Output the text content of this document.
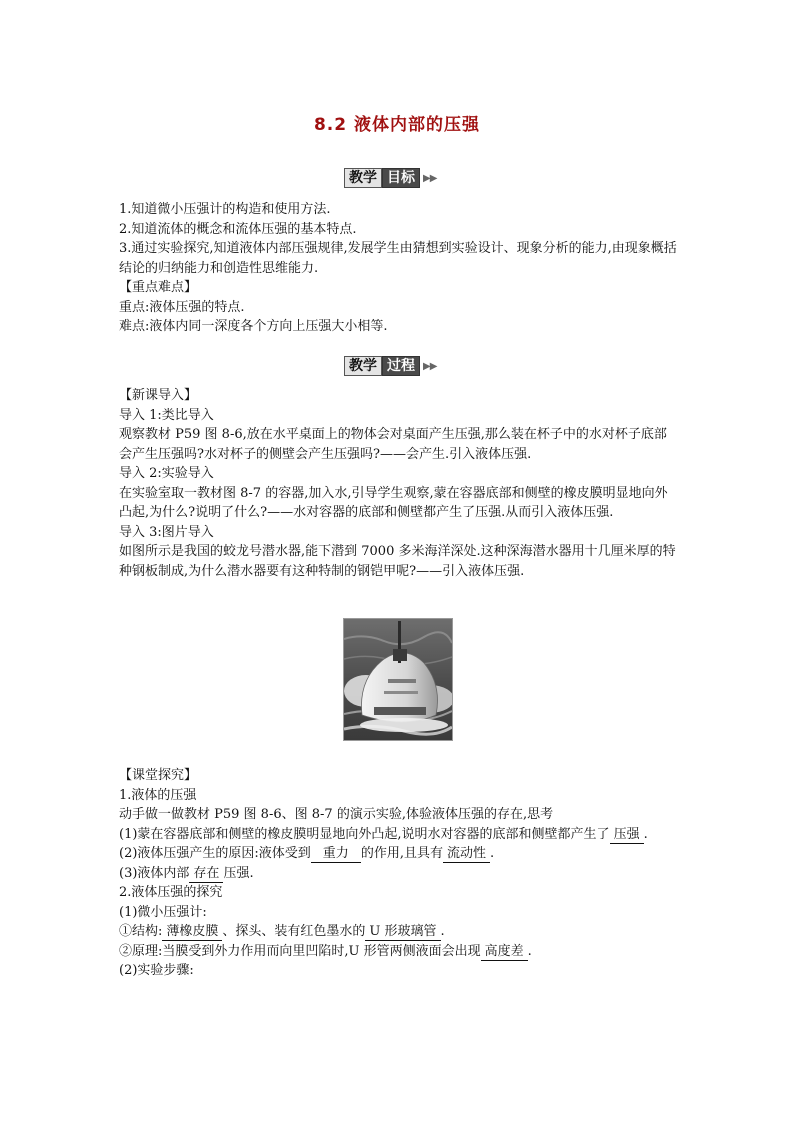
8.2 液体内部的压强
教学 目标 ▶▶

1.知道微小压强计的构造和使用方法.

2.知道流体的概念和流体压强的基本特点.

3.通过实验探究,知道液体内部压强规律,发展学生由猜想到实验设计、现象分析的能力,由现象概括结论的归纳能力和创造性思维能力.

【重点难点】

重点:液体压强的特点.

难点:液体内同一深度各个方向上压强大小相等.

教学 过程 ▶▶

【新课导入】

导入 1:类比导入

观察教材 P59 图 8-6,放在水平桌面上的物体会对桌面产生压强,那么装在杯子中的水对杯子底部会产生压强吗?水对杯子的侧壁会产生压强吗?——会产生.引入液体压强.

导入 2:实验导入

在实验室取一教材图 8-7 的容器,加入水,引导学生观察,蒙在容器底部和侧壁的橡皮膜明显地向外凸起,为什么?说明了什么?——水对容器的底部和侧壁都产生了压强.从而引入液体压强.

导入 3:图片导入

如图所示是我国的蛟龙号潜水器,能下潜到 7000 多米海洋深处.这种深海潜水器用十几厘米厚的特种钢板制成,为什么潜水器要有这种特制的钢铠甲呢?——引入液体压强.

【课堂探究】

1.液体的压强

动手做一做教材 P59 图 8-6、图 8-7 的演示实验,体验液体压强的存在,思考

(1)蒙在容器底部和侧壁的橡皮膜明显地向外凸起,说明水对容器的底部和侧壁都产生了 压强 .

(2)液体压强产生的原因:液体受到 重力 的作用,且具有 流动性 .

(3)液体内部 存在 压强.

2.液体压强的探究

(1)微小压强计:

①结构: 薄橡皮膜 、探头、装有红色墨水的 U 形玻璃管 .

②原理:当膜受到外力作用而向里凹陷时,U 形管两侧液面会出现 高度差 .

(2)实验步骤:
